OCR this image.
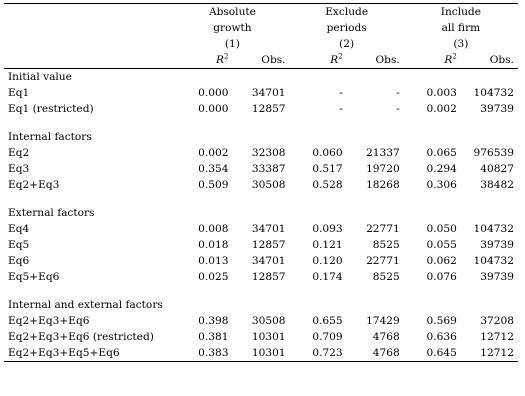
	Absolute		Exclude		Include	
	growth		periods		all firm	
	(1)		(2)		(3)	
	$R^2$	Obs.	$R^2$	Obs.	$R^2$	Obs.
Initial value						
Eq1	0.000	34701	-	-	0.003	104732
Eq1 (restricted)	0.000	12857	-	-	0.002	39739

Internal factors						
Eq2	0.002	32308	0.060	21337	0.065	976539
Eq3	0.354	33387	0.517	19720	0.294	40827
Eq2+Eq3	0.509	30508	0.528	18268	0.306	38482

External factors						
Eq4	0.008	34701	0.093	22771	0.050	104732
Eq5	0.018	12857	0.121	8525	0.055	39739
Eq6	0.013	34701	0.120	22771	0.062	104732
Eq5+Eq6	0.025	12857	0.174	8525	0.076	39739

Internal and external factors						
Eq2+Eq3+Eq6	0.398	30508	0.655	17429	0.569	37208
Eq2+Eq3+Eq6 (restricted)	0.381	10301	0.709	4768	0.636	12712
Eq2+Eq3+Eq5+Eq6	0.383	10301	0.723	4768	0.645	12712
